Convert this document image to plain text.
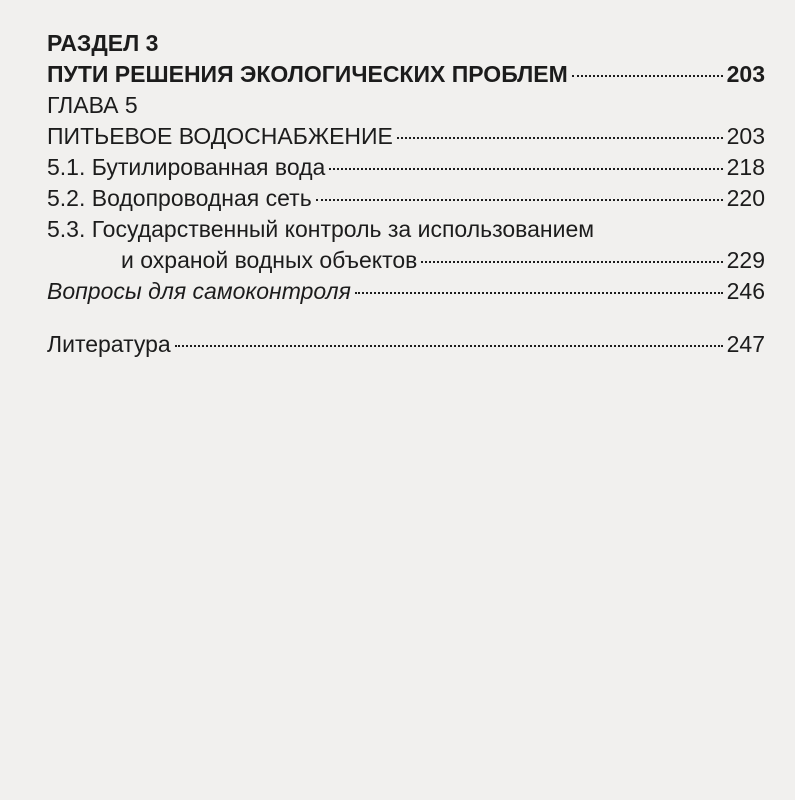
РАЗДЕЛ 3
ПУТИ РЕШЕНИЯ ЭКОЛОГИЧЕСКИХ ПРОБЛЕМ	203
ГЛАВА 5
ПИТЬЕВОЕ ВОДОСНАБЖЕНИЕ	203
5.1. Бутилированная вода	218
5.2. Водопроводная сеть	220
5.3. Государственный контроль за использованием
и охраной водных объектов	229
Вопросы для самоконтроля	246
Литература	247
